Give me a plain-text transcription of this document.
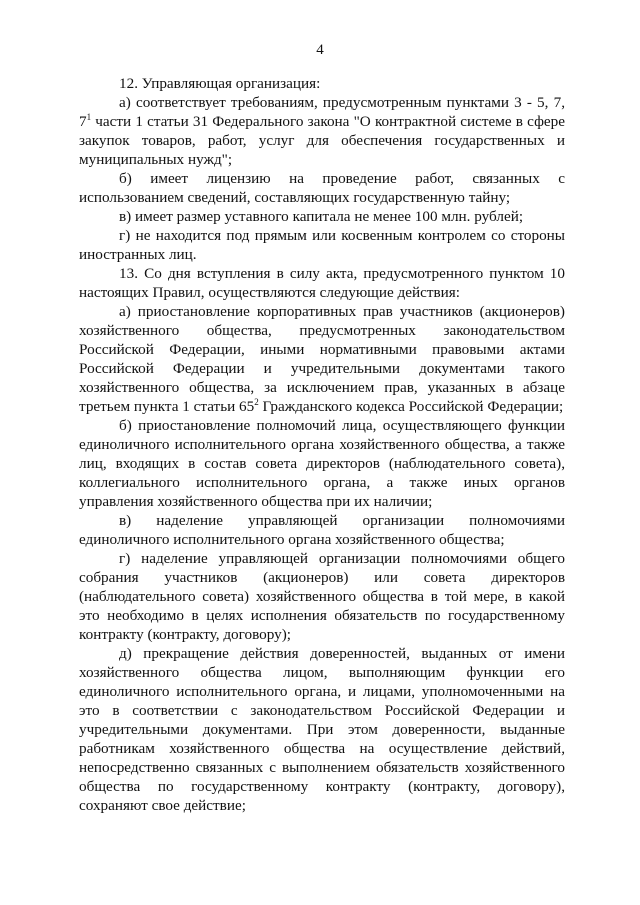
4

12. Управляющая организация:

а) соответствует требованиям, предусмотренным пунктами 3 - 5, 7, $7^1$ части 1 статьи 31 Федерального закона "О контрактной системе в сфере закупок товаров, работ, услуг для обеспечения государственных и муниципальных нужд";

б) имеет лицензию на проведение работ, связанных с использованием сведений, составляющих государственную тайну;

в) имеет размер уставного капитала не менее 100 млн. рублей;

г) не находится под прямым или косвенным контролем со стороны иностранных лиц.

13. Со дня вступления в силу акта, предусмотренного пунктом 10 настоящих Правил, осуществляются следующие действия:

а) приостановление корпоративных прав участников (акционеров) хозяйственного общества, предусмотренных законодательством Российской Федерации, иными нормативными правовыми актами Российской Федерации и учредительными документами такого хозяйственного общества, за исключением прав, указанных в абзаце третьем пункта 1 статьи $65^2$ Гражданского кодекса Российской Федерации;

б) приостановление полномочий лица, осуществляющего функции единоличного исполнительного органа хозяйственного общества, а также лиц, входящих в состав совета директоров (наблюдательного совета), коллегиального исполнительного органа, а также иных органов управления хозяйственного общества при их наличии;

в) наделение управляющей организации полномочиями единоличного исполнительного органа хозяйственного общества;

г) наделение управляющей организации полномочиями общего собрания участников (акционеров) или совета директоров (наблюдательного совета) хозяйственного общества в той мере, в какой это необходимо в целях исполнения обязательств по государственному контракту (контракту, договору);

д) прекращение действия доверенностей, выданных от имени хозяйственного общества лицом, выполняющим функции его единоличного исполнительного органа, и лицами, уполномоченными на это в соответствии с законодательством Российской Федерации и учредительными документами. При этом доверенности, выданные работникам хозяйственного общества на осуществление действий, непосредственно связанных с выполнением обязательств хозяйственного общества по государственному контракту (контракту, договору), сохраняют свое действие;
